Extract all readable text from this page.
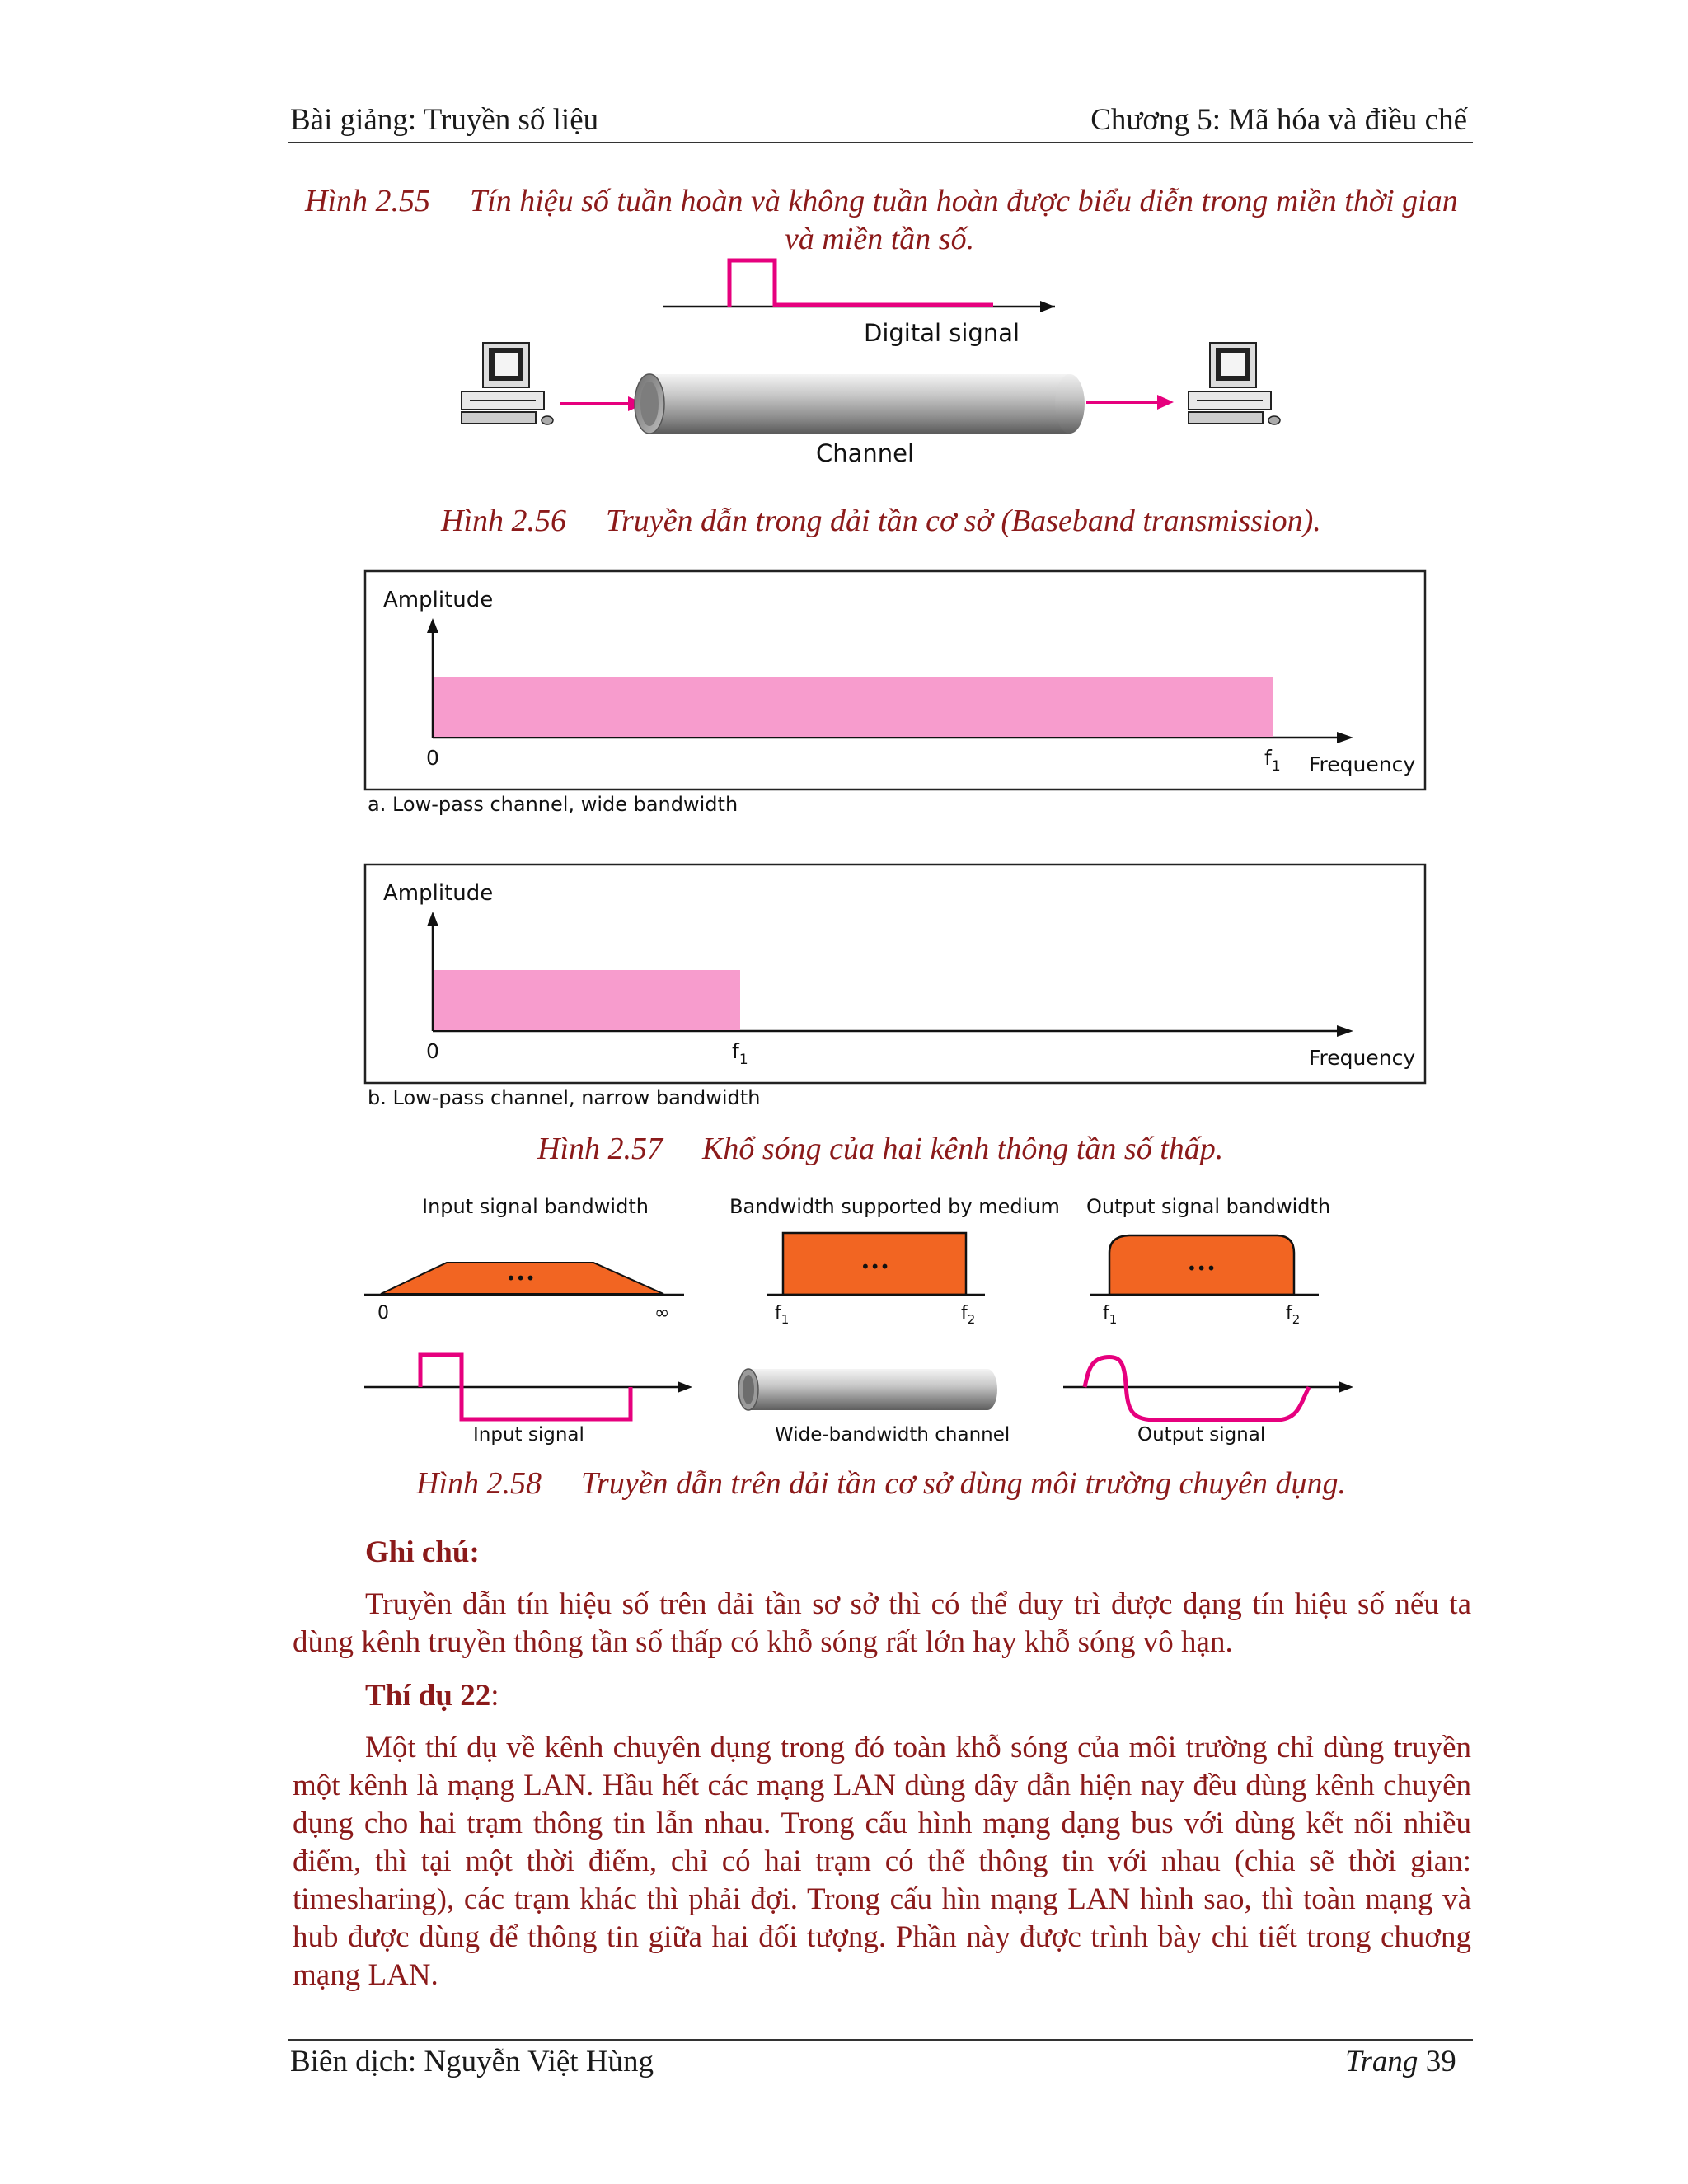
Bài giảng: Truyền số liệu	Chương 5: Mã hóa và điều chế
Hình 2.55 Tín hiệu số tuần hoàn và không tuần hoàn được biểu diễn trong miền thời gian
và miền tần số.
Digital signal
Channel
Hình 2.56 Truyền dẫn trong dải tần cơ sở (Baseband transmission).
Amplitude
0	$f_1$ Frequency
a. Low-pass channel, wide bandwidth
Amplitude
0	$f_1$	Frequency
b. Low-pass channel, narrow bandwidth
Hình 2.57 Khổ sóng của hai kênh thông tần số thấp.
Input signal bandwidth	Bandwidth supported by medium Output signal bandwidth
•••
0	∞
•••
$f_1$	$f_2$
•••
$f_1$	$f_2$
Input signal	Wide-bandwidth channel	Output signal
Hình 2.58 Truyền dẫn trên dải tần cơ sở dùng môi trường chuyên dụng.
Ghi chú:
Truyền dẫn tín hiệu số trên dải tần sơ sở thì có thể duy trì được dạng tín hiệu số nếu ta dùng kênh truyền thông tần số thấp có khỗ sóng rất lớn hay khỗ sóng vô hạn.
Thí dụ 22:
Một thí dụ về kênh chuyên dụng trong đó toàn khỗ sóng của môi trường chỉ dùng truyền một kênh là mạng LAN. Hầu hết các mạng LAN dùng dây dẫn hiện nay đều dùng kênh chuyên dụng cho hai trạm thông tin lẫn nhau. Trong cấu hình mạng dạng bus với dùng kết nối nhiều điểm, thì tại một thời điểm, chỉ có hai trạm có thể thông tin với nhau (chia sẽ thời gian: timesharing), các trạm khác thì phải đợi. Trong cấu hìn mạng LAN hình sao, thì toàn mạng và hub được dùng để thông tin giữa hai đối tượng. Phần này được trình bày chi tiết trong chuơng mạng LAN.
Biên dịch: Nguyễn Việt Hùng	Trang 39
